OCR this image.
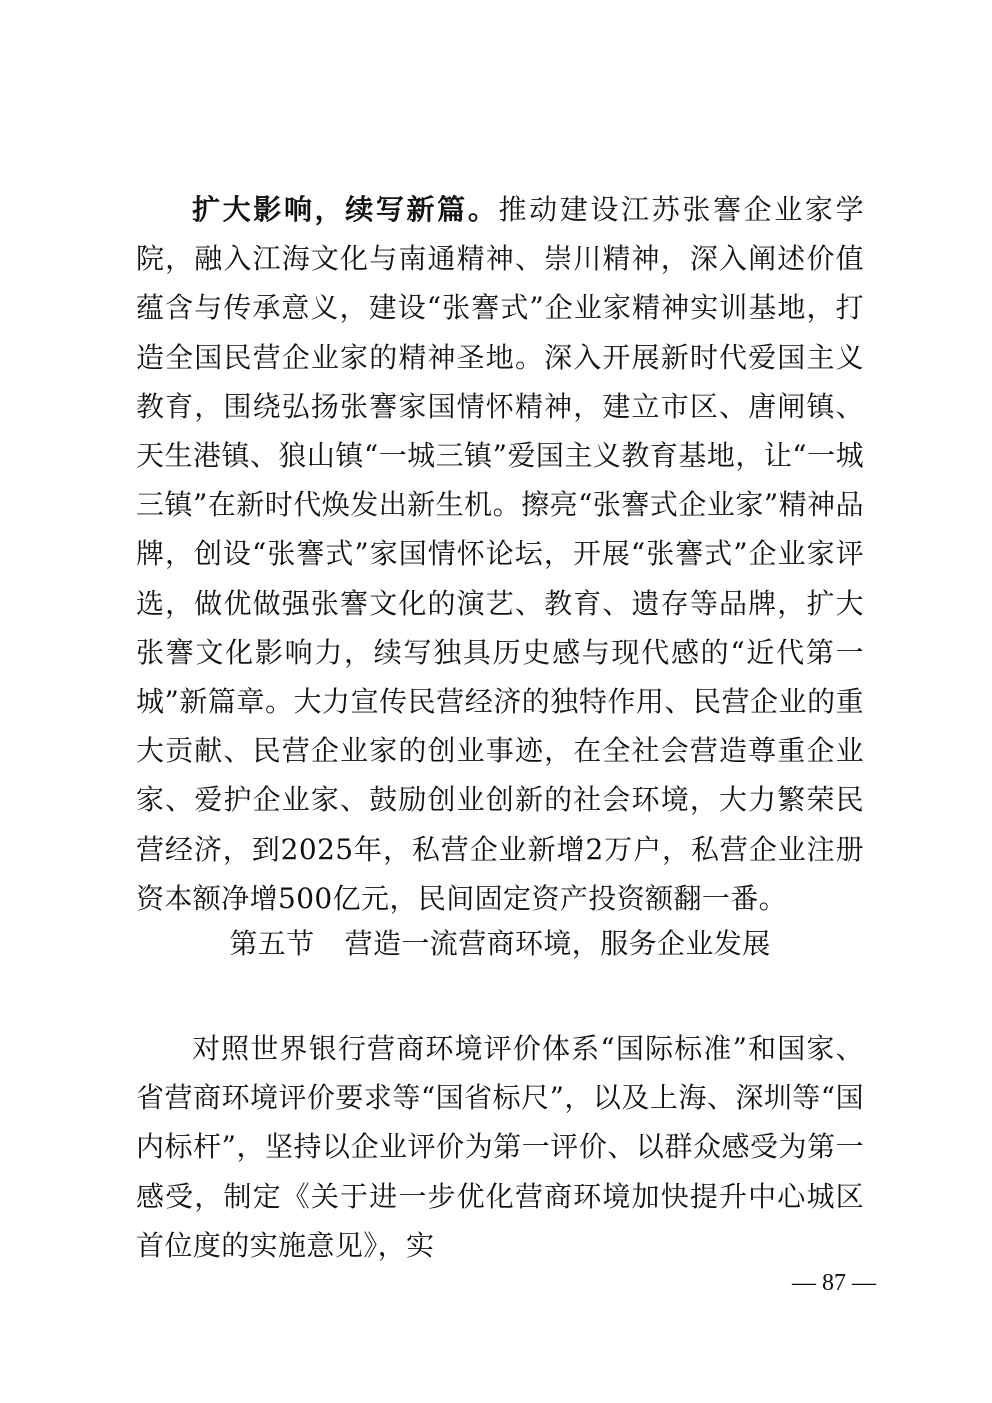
扩大影响，续写新篇。推动建设江苏张謇企业家学院，融入江海文化与南通精神、崇川精神，深入阐述价值蕴含与传承意义，建设“张謇式”企业家精神实训基地，打造全国民营企业家的精神圣地。深入开展新时代爱国主义教育，围绕弘扬张謇家国情怀精神，建立市区、唐闸镇、天生港镇、狼山镇“一城三镇”爱国主义教育基地，让“一城三镇”在新时代焕发出新生机。擦亮“张謇式企业家”精神品牌，创设“张謇式”家国情怀论坛，开展“张謇式”企业家评选，做优做强张謇文化的演艺、教育、遗存等品牌，扩大张謇文化影响力，续写独具历史感与现代感的“近代第一城”新篇章。大力宣传民营经济的独特作用、民营企业的重大贡献、民营企业家的创业事迹，在全社会营造尊重企业家、爱护企业家、鼓励创业创新的社会环境，大力繁荣民营经济，到2025年，私营企业新增2万户，私营企业注册资本额净增500亿元，民间固定资产投资额翻一番。

第五节 营造一流营商环境，服务企业发展

对照世界银行营商环境评价体系“国际标准”和国家、省营商环境评价要求等“国省标尺”，以及上海、深圳等“国内标杆”，坚持以企业评价为第一评价、以群众感受为第一感受，制定《关于进一步优化营商环境加快提升中心城区首位度的实施意见》，实

— 87 —
